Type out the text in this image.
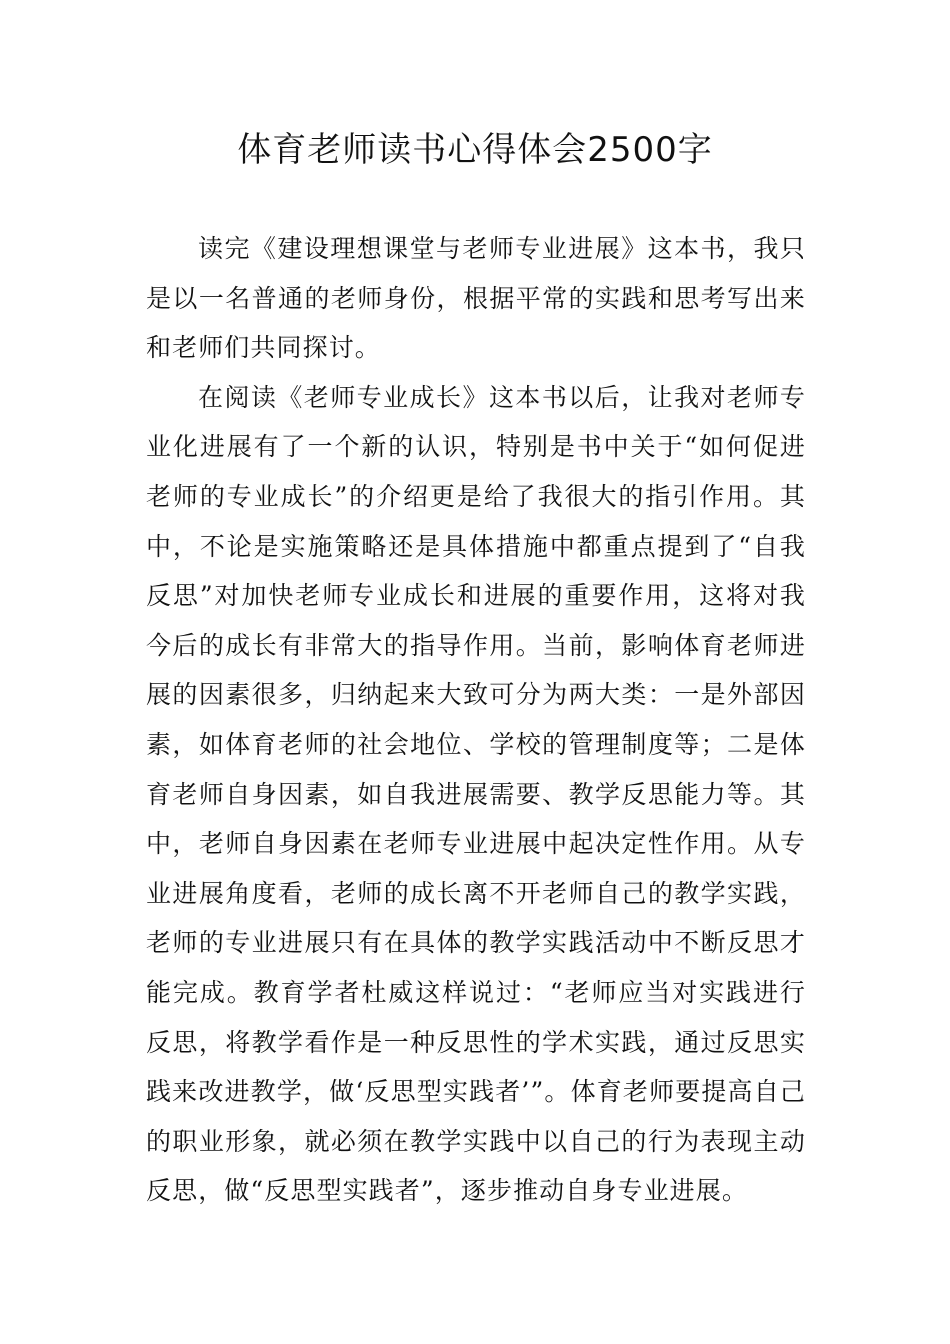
体育老师读书心得体会2500字

读完《建设理想课堂与老师专业进展》这本书，我只是以一名普通的老师身份，根据平常的实践和思考写出来和老师们共同探讨。

在阅读《老师专业成长》这本书以后，让我对老师专业化进展有了一个新的认识，特别是书中关于“如何促进老师的专业成长”的介绍更是给了我很大的指引作用。其中，不论是实施策略还是具体措施中都重点提到了“自我反思”对加快老师专业成长和进展的重要作用，这将对我今后的成长有非常大的指导作用。当前，影响体育老师进展的因素很多，归纳起来大致可分为两大类：一是外部因素，如体育老师的社会地位、学校的管理制度等；二是体育老师自身因素，如自我进展需要、教学反思能力等。其中，老师自身因素在老师专业进展中起决定性作用。从专业进展角度看，老师的成长离不开老师自己的教学实践，老师的专业进展只有在具体的教学实践活动中不断反思才能完成。教育学者杜威这样说过：“老师应当对实践进行反思，将教学看作是一种反思性的学术实践，通过反思实践来改进教学，做‘反思型实践者’”。体育老师要提高自己的职业形象，就必须在教学实践中以自己的行为表现主动反思，做“反思型实践者”，逐步推动自身专业进展。
